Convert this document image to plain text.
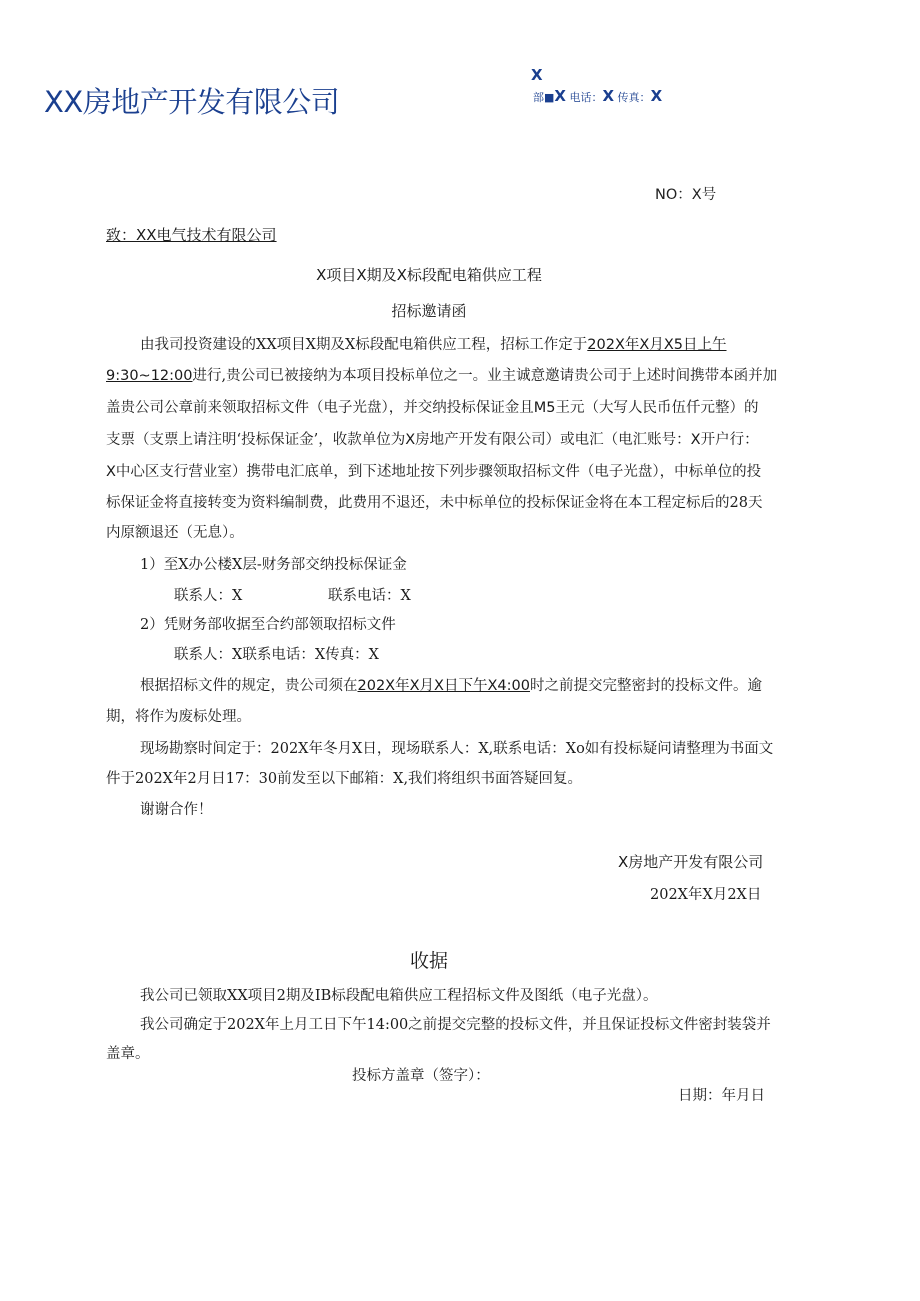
XX房地产开发有限公司
X
部■X 电话：X 传真：X
NO：X号
致：XX电气技术有限公司
X项目X期及X标段配电箱供应工程
招标邀请函
由我司投资建设的XX项目X期及X标段配电箱供应工程，招标工作定于202X年X月X5日上午
9:30~12:00进行,贵公司已被接纳为本项目投标单位之一。业主诚意邀请贵公司于上述时间携带本函并加
盖贵公司公章前来领取招标文件（电子光盘），并交纳投标保证金且M5王元（大写人民币伍仟元整）的
支票（支票上请注明‘投标保证金’，收款单位为X房地产开发有限公司）或电汇（电汇账号：X开户行：
X中心区支行营业室）携带电汇底单，到下述地址按下列步骤领取招标文件（电子光盘），中标单位的投
标保证金将直接转变为资料编制费，此费用不退还，未中标单位的投标保证金将在本工程定标后的28天
内原额退还（无息）。
1）至X办公楼X层-财务部交纳投标保证金
联系人：X	联系电话：X
2）凭财务部收据至合约部领取招标文件
联系人：X联系电话：X传真：X
根据招标文件的规定，贵公司须在202X年X月X日下午X4:00时之前提交完整密封的投标文件。逾
期，将作为废标处理。
现场勘察时间定于：202X年冬月X日，现场联系人：X,联系电话：Xo如有投标疑问请整理为书面文
件于202X年2月日17：30前发至以下邮箱：X,我们将组织书面答疑回复。
谢谢合作！
X房地产开发有限公司
202X年X月2X日
收据
我公司已领取XX项目2期及IB标段配电箱供应工程招标文件及图纸（电子光盘）。
我公司确定于202X年上月工日下午14:00之前提交完整的投标文件，并且保证投标文件密封装袋并
盖章。
投标方盖章（签字）：
日期：年月日
